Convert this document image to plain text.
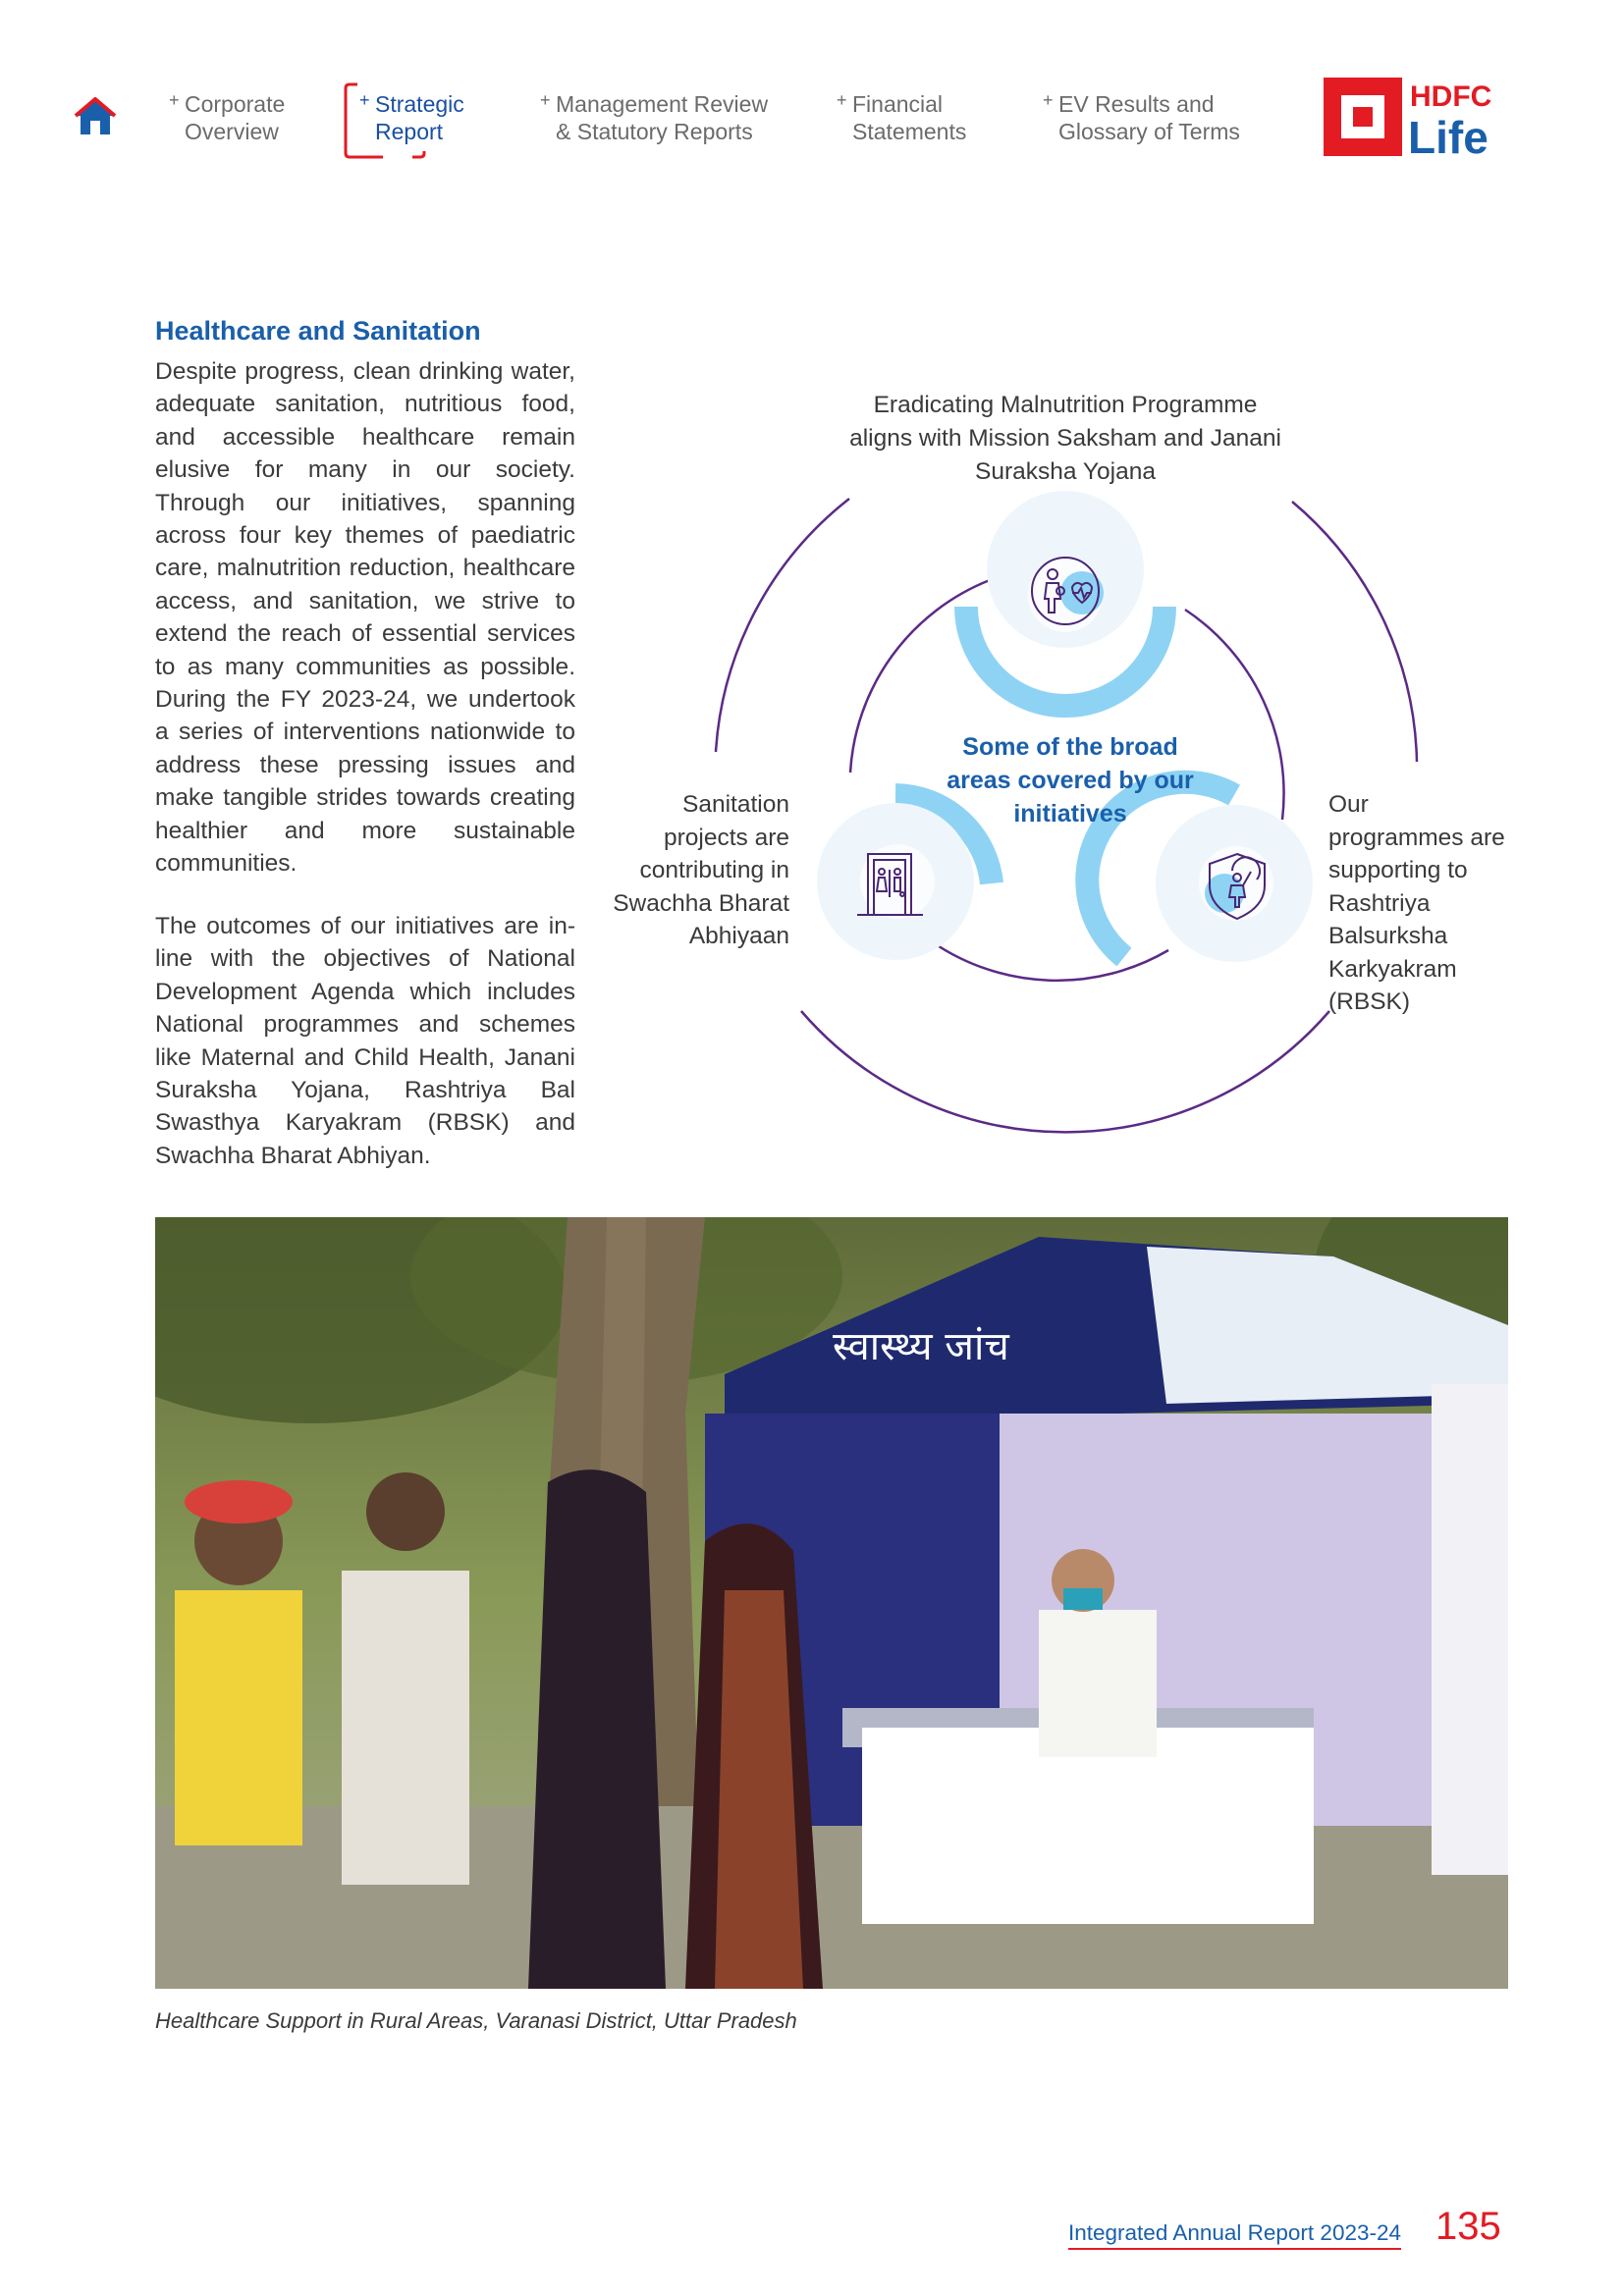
+ Corporate
Overview
+ Strategic
Report
+ Management Review
& Statutory Reports
+ Financial
Statements
+ EV Results and
Glossary of Terms
HDFC
Life
Healthcare and Sanitation

Despite progress, clean drinking water, adequate sanitation, nutritious food, and accessible healthcare remain elusive for many in our society. Through our initiatives, spanning across four key themes of paediatric care, malnutrition reduction, healthcare access, and sanitation, we strive to extend the reach of essential services to as many communities as possible. During the FY 2023-24, we undertook a series of interventions nationwide to address these pressing issues and make tangible strides towards creating healthier and more sustainable communities.

The outcomes of our initiatives are in-line with the objectives of National Development Agenda which includes National programmes and schemes like Maternal and Child Health, Janani Suraksha Yojana, Rashtriya Bal Swasthya Karyakram (RBSK) and Swachha Bharat Abhiyan.

Eradicating Malnutrition Programme aligns with Mission Saksham and Janani Suraksha Yojana
Sanitation projects are contributing in Swachha Bharat Abhiyaan
Our programmes are supporting to Rashtriya Balsurksha Karkyakram (RBSK)
Some of the broad areas covered by our initiatives
स्वास्थ्य जांच
Healthcare Support in Rural Areas, Varanasi District, Uttar Pradesh
Integrated Annual Report 2023-24 135
